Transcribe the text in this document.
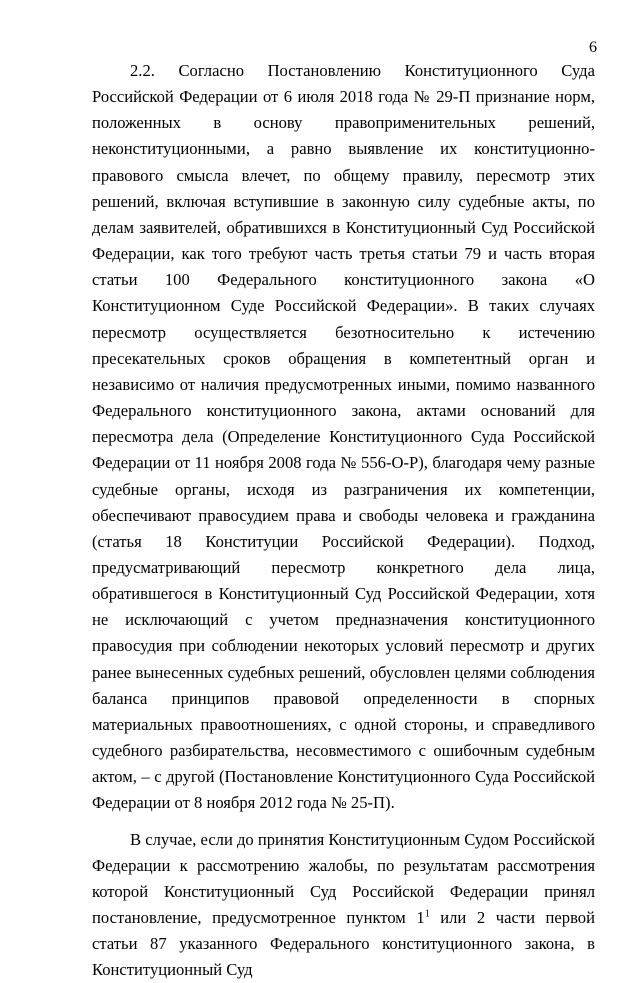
6

2.2. Согласно Постановлению Конституционного Суда Российской Федерации от 6 июля 2018 года № 29-П признание норм, положенных в основу правоприменительных решений, неконституционными, а равно выявление их конституционно-правового смысла влечет, по общему правилу, пересмотр этих решений, включая вступившие в законную силу судебные акты, по делам заявителей, обратившихся в Конституционный Суд Российской Федерации, как того требуют часть третья статьи 79 и часть вторая статьи 100 Федерального конституционного закона «О Конституционном Суде Российской Федерации». В таких случаях пересмотр осуществляется безотносительно к истечению пресекательных сроков обращения в компетентный орган и независимо от наличия предусмотренных иными, помимо названного Федерального конституционного закона, актами оснований для пересмотра дела (Определение Конституционного Суда Российской Федерации от 11 ноября 2008 года № 556-О-Р), благодаря чему разные судебные органы, исходя из разграничения их компетенции, обеспечивают правосудием права и свободы человека и гражданина (статья 18 Конституции Российской Федерации). Подход, предусматривающий пересмотр конкретного дела лица, обратившегося в Конституционный Суд Российской Федерации, хотя не исключающий с учетом предназначения конституционного правосудия при соблюдении некоторых условий пересмотр и других ранее вынесенных судебных решений, обусловлен целями соблюдения баланса принципов правовой определенности в спорных материальных правоотношениях, с одной стороны, и справедливого судебного разбирательства, несовместимого с ошибочным судебным актом, – с другой (Постановление Конституционного Суда Российской Федерации от 8 ноября 2012 года № 25-П).

В случае, если до принятия Конституционным Судом Российской Федерации к рассмотрению жалобы, по результатам рассмотрения которой Конституционный Суд Российской Федерации принял постановление, предусмотренное пунктом $1^1$ или 2 части первой статьи 87 указанного Федерального конституционного закона, в Конституционный Суд
